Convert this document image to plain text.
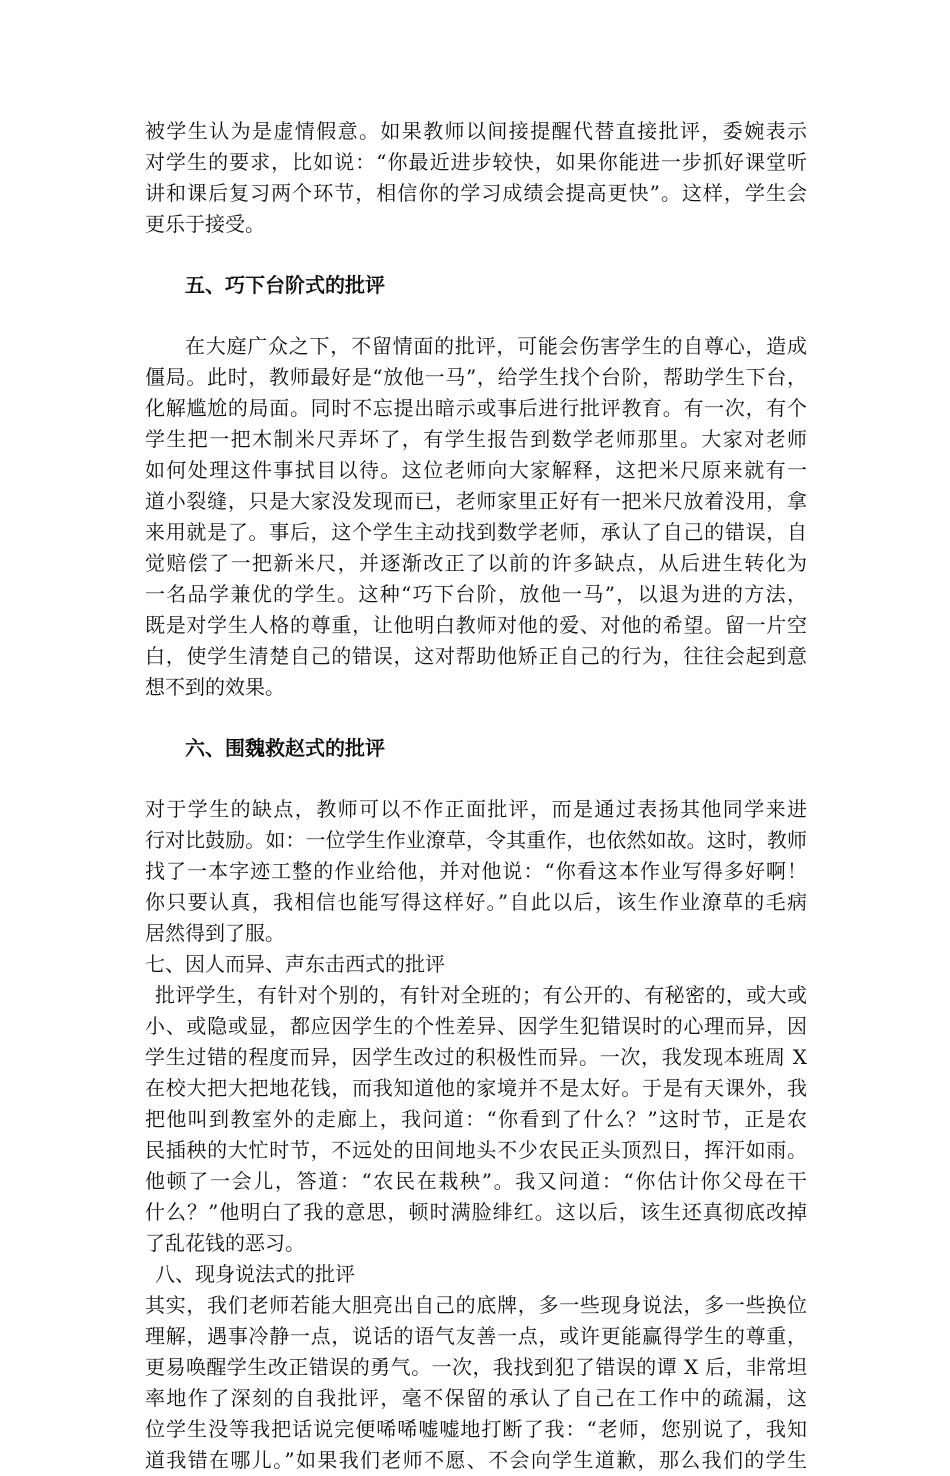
被学生认为是虚情假意。如果教师以间接提醒代替直接批评，委婉表示
对学生的要求，比如说：“你最近进步较快，如果你能进一步抓好课堂听
讲和课后复习两个环节，相信你的学习成绩会提高更快”。这样，学生会
更乐于接受。
五、巧下台阶式的批评
在大庭广众之下，不留情面的批评，可能会伤害学生的自尊心，造成
僵局。此时，教师最好是“放他一马”，给学生找个台阶，帮助学生下台，
化解尴尬的局面。同时不忘提出暗示或事后进行批评教育。有一次，有个
学生把一把木制米尺弄坏了，有学生报告到数学老师那里。大家对老师
如何处理这件事拭目以待。这位老师向大家解释，这把米尺原来就有一
道小裂缝，只是大家没发现而已，老师家里正好有一把米尺放着没用，拿
来用就是了。事后，这个学生主动找到数学老师，承认了自己的错误，自
觉赔偿了一把新米尺，并逐渐改正了以前的许多缺点，从后进生转化为
一名品学兼优的学生。这种“巧下台阶，放他一马”，以退为进的方法，
既是对学生人格的尊重，让他明白教师对他的爱、对他的希望。留一片空
白，使学生清楚自己的错误，这对帮助他矫正自己的行为，往往会起到意
想不到的效果。
六、围魏救赵式的批评
对于学生的缺点，教师可以不作正面批评，而是通过表扬其他同学来进
行对比鼓励。如：一位学生作业潦草，令其重作，也依然如故。这时，教师
找了一本字迹工整的作业给他，并对他说：“你看这本作业写得多好啊！
你只要认真，我相信也能写得这样好。”自此以后，该生作业潦草的毛病
居然得到了服。
七、因人而异、声东击西式的批评
批评学生，有针对个别的，有针对全班的；有公开的、有秘密的，或大或
小、或隐或显，都应因学生的个性差异、因学生犯错误时的心理而异，因
学生过错的程度而异，因学生改过的积极性而异。一次，我发现本班周 X
在校大把大把地花钱，而我知道他的家境并不是太好。于是有天课外，我
把他叫到教室外的走廊上，我问道：“你看到了什么？”这时节，正是农
民插秧的大忙时节，不远处的田间地头不少农民正头顶烈日，挥汗如雨。
他顿了一会儿，答道：“农民在栽秧”。我又问道：“你估计你父母在干
什么？”他明白了我的意思，顿时满脸绯红。这以后，该生还真彻底改掉
了乱花钱的恶习。
八、现身说法式的批评
其实，我们老师若能大胆亮出自己的底牌，多一些现身说法，多一些换位
理解，遇事冷静一点，说话的语气友善一点，或许更能赢得学生的尊重，
更易唤醒学生改正错误的勇气。一次，我找到犯了错误的谭 X 后，非常坦
率地作了深刻的自我批评，毫不保留的承认了自己在工作中的疏漏，这
位学生没等我把话说完便唏唏嘘嘘地打断了我：“老师，您别说了，我知
道我错在哪儿。”如果我们老师不愿、不会向学生道歉，那么我们的学生
